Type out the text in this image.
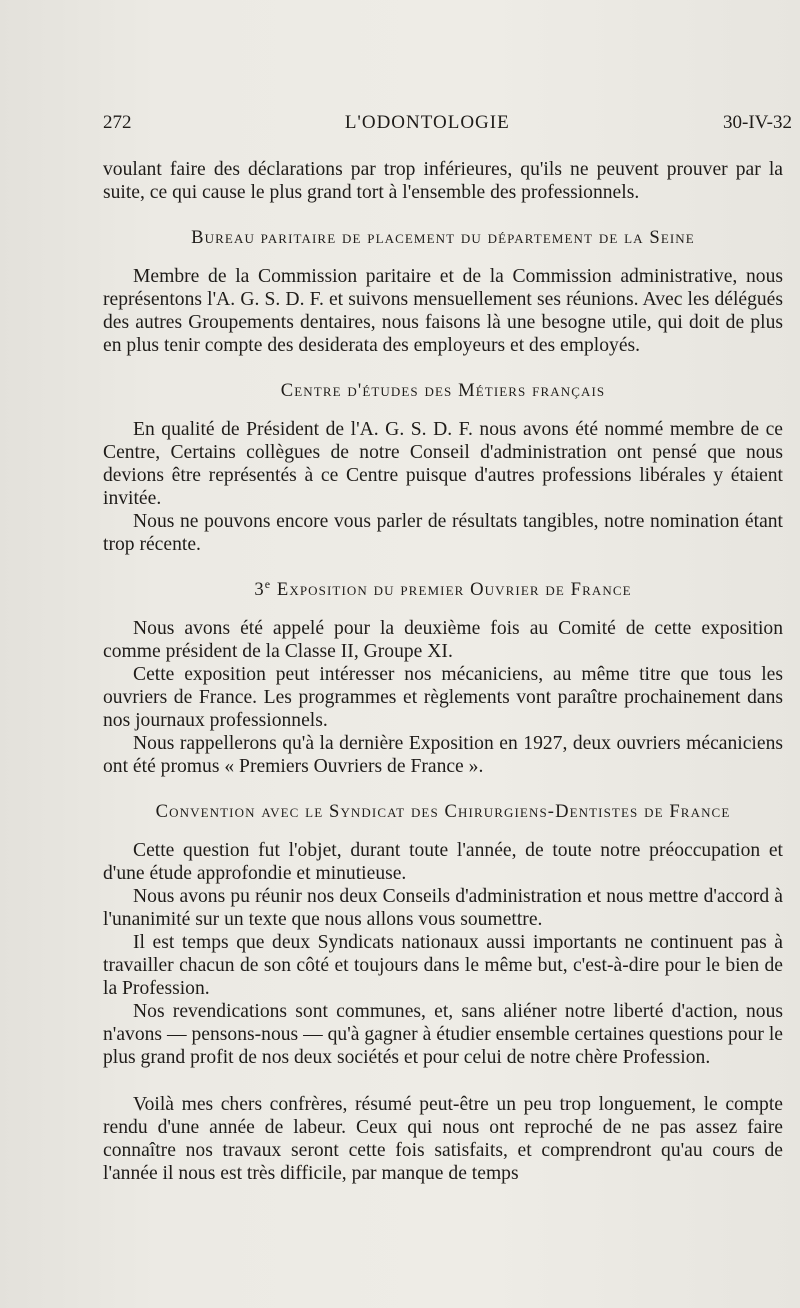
272	L'ODONTOLOGIE	30-IV-32

voulant faire des déclarations par trop inférieures, qu'ils ne peuvent prouver par la suite, ce qui cause le plus grand tort à l'ensemble des professionnels.

Bureau paritaire de placement du département de la Seine

Membre de la Commission paritaire et de la Commission administrative, nous représentons l'A. G. S. D. F. et suivons mensuellement ses réunions. Avec les délégués des autres Groupements dentaires, nous faisons là une besogne utile, qui doit de plus en plus tenir compte des desiderata des employeurs et des employés.

Centre d'études des Métiers français

En qualité de Président de l'A. G. S. D. F. nous avons été nommé membre de ce Centre, Certains collègues de notre Conseil d'administration ont pensé que nous devions être représentés à ce Centre puisque d'autres professions libérales y étaient invitée.

Nous ne pouvons encore vous parler de résultats tangibles, notre nomination étant trop récente.

3e Exposition du premier Ouvrier de France

Nous avons été appelé pour la deuxième fois au Comité de cette exposition comme président de la Classe II, Groupe XI.

Cette exposition peut intéresser nos mécaniciens, au même titre que tous les ouvriers de France. Les programmes et règlements vont paraître prochainement dans nos journaux professionnels.

Nous rappellerons qu'à la dernière Exposition en 1927, deux ouvriers mécaniciens ont été promus « Premiers Ouvriers de France ».

Convention avec le Syndicat des Chirurgiens-Dentistes de France

Cette question fut l'objet, durant toute l'année, de toute notre préoccupation et d'une étude approfondie et minutieuse.

Nous avons pu réunir nos deux Conseils d'administration et nous mettre d'accord à l'unanimité sur un texte que nous allons vous soumettre.

Il est temps que deux Syndicats nationaux aussi importants ne continuent pas à travailler chacun de son côté et toujours dans le même but, c'est-à-dire pour le bien de la Profession.

Nos revendications sont communes, et, sans aliéner notre liberté d'action, nous n'avons — pensons-nous — qu'à gagner à étudier ensemble certaines questions pour le plus grand profit de nos deux sociétés et pour celui de notre chère Profession.

Voilà mes chers confrères, résumé peut-être un peu trop longuement, le compte rendu d'une année de labeur. Ceux qui nous ont reproché de ne pas assez faire connaître nos travaux seront cette fois satisfaits, et comprendront qu'au cours de l'année il nous est très difficile, par manque de temps
